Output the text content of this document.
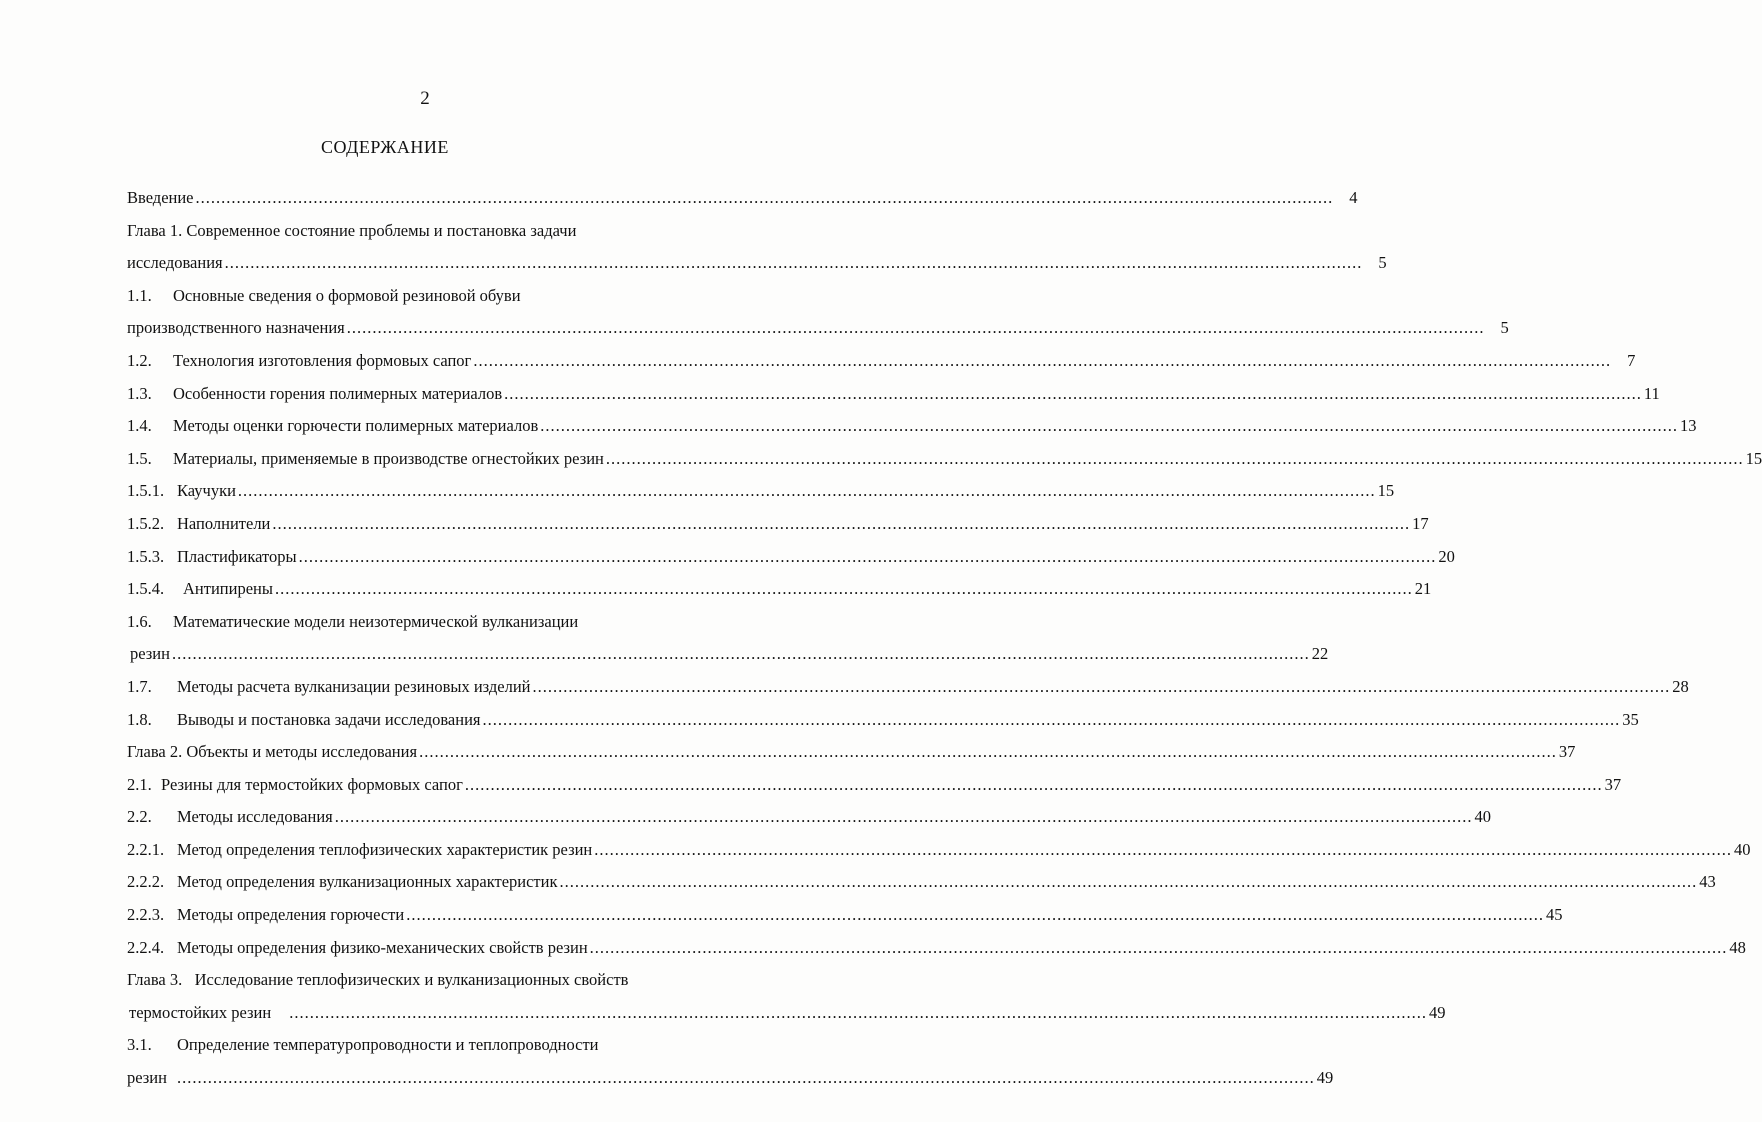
2
СОДЕРЖАНИЕ
Введение .....	4
Глава 1. Современное состояние проблемы и постановка задачи
исследования .....	5
1.1.	Основные сведения о формовой резиновой обуви
производственного назначения .....	5
1.2.	Технология изготовления формовых сапог .....	7
1.3.	Особенности горения полимерных материалов .....	11
1.4.	Методы оценки горючести полимерных материалов .....	13
1.5.	Материалы, применяемые в производстве огнестойких резин .....	15
1.5.1. Каучуки .....	15
1.5.2. Наполнители .....	17
1.5.3. Пластификаторы .....	20
1.5.4.	Антипирены .....	21
1.6.	Математические модели неизотермической вулканизации
резин .....	22
1.7.	Методы расчета вулканизации резиновых изделий .....	28
1.8.	Выводы и постановка задачи исследования .....	35
Глава 2. Объекты и методы исследования .....	37
2.1. Резины для термостойких формовых сапог .....	37
2.2.	Методы исследования .....	40
2.2.1. Метод определения теплофизических характеристик резин .....	40
2.2.2. Метод определения вулканизационных характеристик .....	43
2.2.3. Методы определения горючести .....	45
2.2.4. Методы определения физико-механических свойств резин .....	48
Глава 3.   Исследование теплофизических и вулканизационных свойств
термостойких резин .....	49
3.1.	Определение температуропроводности и теплопроводности
резин .....	49
